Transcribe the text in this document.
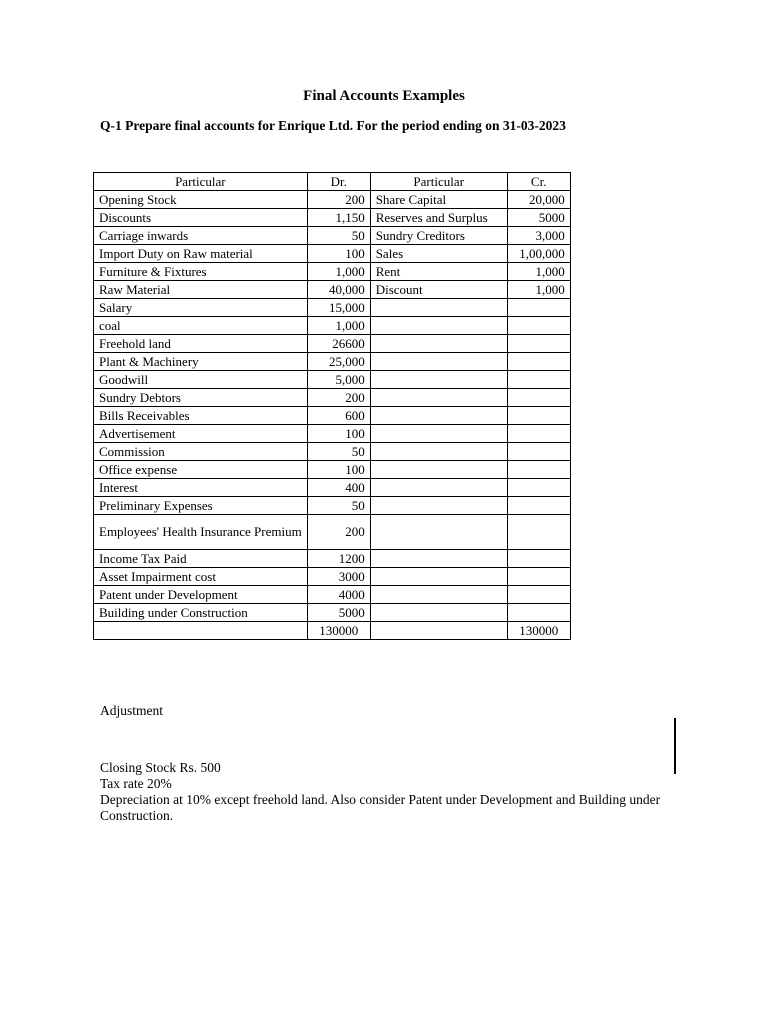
Final Accounts Examples
Q-1 Prepare final accounts for Enrique Ltd. For the period ending on 31-03-2023
Particular	Dr.	Particular	Cr.
Opening Stock	200	Share Capital	20,000
Discounts	1,150	Reserves and Surplus	5000
Carriage inwards	50	Sundry Creditors	3,000
Import Duty on Raw material	100	Sales	1,00,000
Furniture & Fixtures	1,000	Rent	1,000
Raw Material	40,000	Discount	1,000
Salary	15,000		
coal	1,000		
Freehold land	26600		
Plant & Machinery	25,000		
Goodwill	5,000		
Sundry Debtors	200		
Bills Receivables	600		
Advertisement	100		
Commission	50		
Office expense	100		
Interest	400		
Preliminary Expenses	50		
Employees' Health Insurance Premium	200		
Income Tax Paid	1200		
Asset Impairment cost	3000		
Patent under Development	4000		
Building under Construction	5000		
	130000		130000
Adjustment
Closing Stock Rs. 500
Tax rate 20%
Depreciation at 10% except freehold land. Also consider Patent under Development and Building under Construction.
